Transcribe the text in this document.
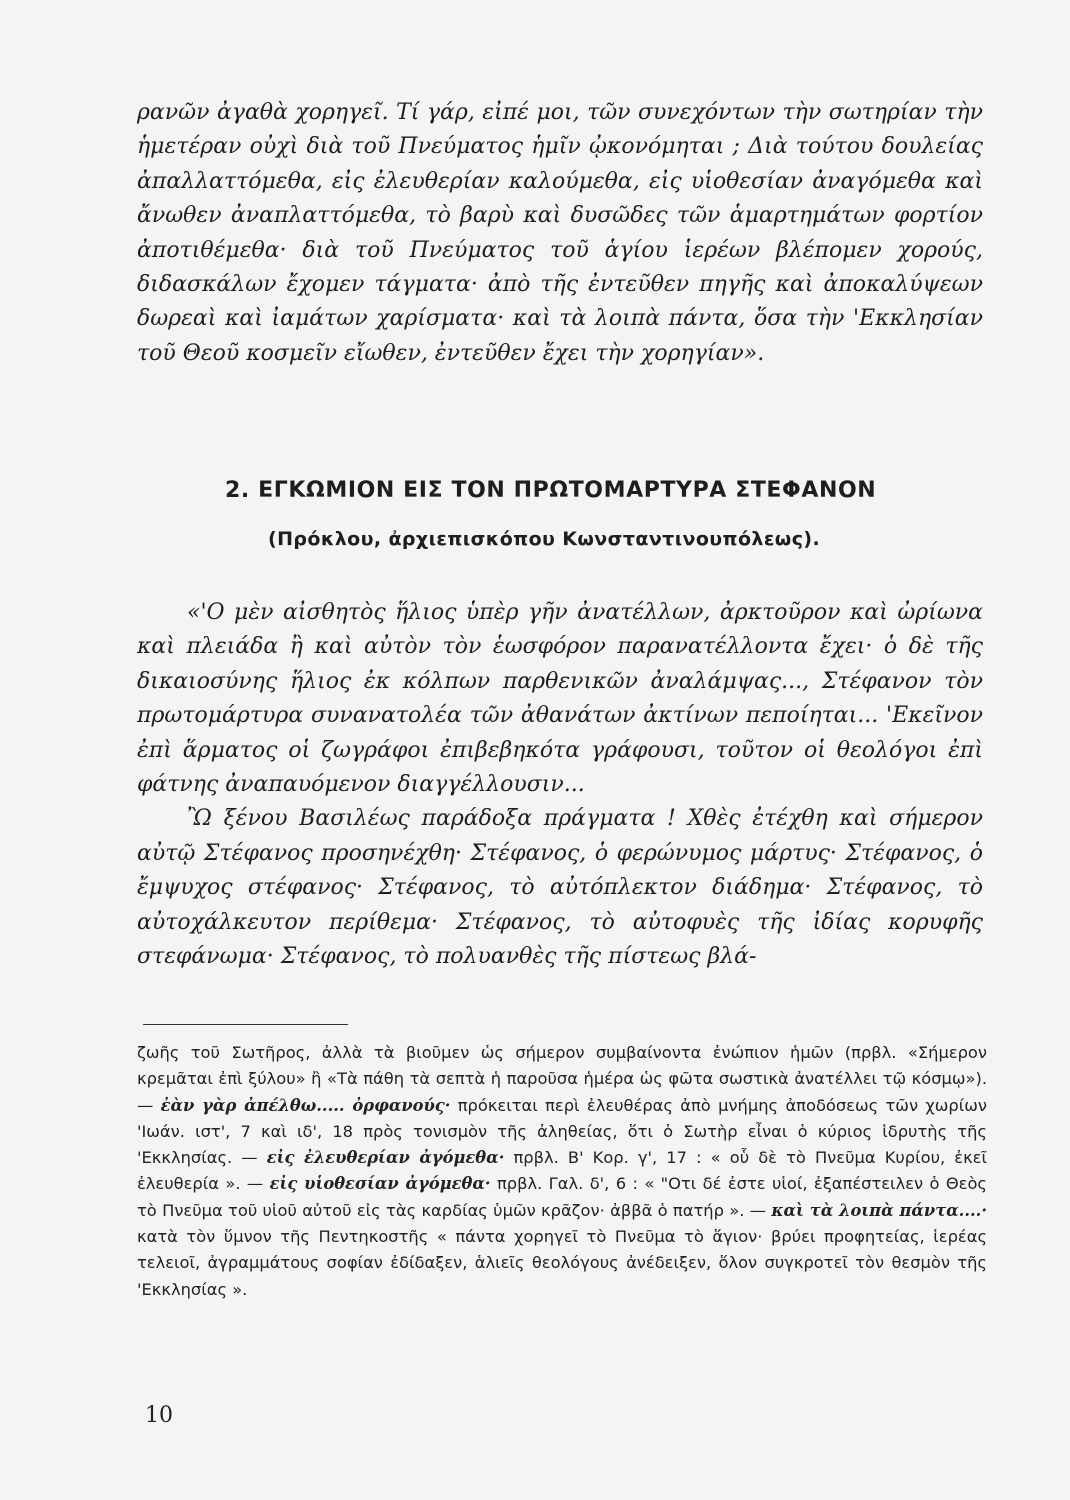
ρανῶν ἀγαθὰ χορηγεῖ. Τί γάρ, εἰπέ μοι, τῶν συνεχόντων τὴν σωτηρίαν τὴν ἡμετέραν οὐχὶ διὰ τοῦ Πνεύματος ἡμῖν ᾠκονόμηται ; Διὰ τούτου δουλείας ἀπαλλαττόμεθα, εἰς ἐλευθερίαν καλούμεθα, εἰς υἱοθεσίαν ἀναγόμεθα καὶ ἄνωθεν ἀναπλαττόμεθα, τὸ βαρὺ καὶ δυσῶδες τῶν ἁμαρτημάτων φορτίον ἀποτιθέμεθα· διὰ τοῦ Πνεύματος τοῦ ἁγίου ἱερέων βλέπομεν χορούς, διδασκάλων ἔχομεν τάγματα· ἀπὸ τῆς ἐντεῦθεν πηγῆς καὶ ἀποκαλύψεων δωρεαὶ καὶ ἰαμάτων χαρίσματα· καὶ τὰ λοιπὰ πάντα, ὅσα τὴν 'Εκκλησίαν τοῦ Θεοῦ κοσμεῖν εἴωθεν, ἐντεῦθεν ἔχει τὴν χορηγίαν».

2. ΕΓΚΩΜΙΟΝ ΕΙΣ ΤΟΝ ΠΡΩΤΟΜΑΡΤΥΡΑ ΣΤΕΦΑΝΟΝ
(Πρόκλου, ἀρχιεπισκόπου Κωνσταντινουπόλεως).

«'Ο μὲν αἰσθητὸς ἥλιος ὑπὲρ γῆν ἀνατέλλων, ἀρκτοῦρον καὶ ὠρίωνα καὶ πλειάδα ἢ καὶ αὐτὸν τὸν ἑωσφόρον παρανατέλλοντα ἔχει· ὁ δὲ τῆς δικαιοσύνης ἥλιος ἐκ κόλπων παρθενικῶν ἀναλάμψας..., Στέφανον τὸν πρωτομάρτυρα συνανατολέα τῶν ἀθανάτων ἀκτίνων πεποίηται... 'Εκεῖνον ἐπὶ ἅρματος οἱ ζωγράφοι ἐπιβεβηκότα γράφουσι, τοῦτον οἱ θεολόγοι ἐπὶ φάτνης ἀναπαυόμενον διαγγέλλουσιν...

Ὢ ξένου Βασιλέως παράδοξα πράγματα ! Χθὲς ἐτέχθη καὶ σήμερον αὐτῷ Στέφανος προσηνέχθη· Στέφανος, ὁ φερώνυμος μάρτυς· Στέφανος, ὁ ἔμψυχος στέφανος· Στέφανος, τὸ αὐτόπλεκτον διάδημα· Στέφανος, τὸ αὐτοχάλκευτον περίθεμα· Στέφανος, τὸ αὐτοφυὲς τῆς ἰδίας κορυφῆς στεφάνωμα· Στέφανος, τὸ πολυανθὲς τῆς πίστεως βλά-

ζωῆς τοῦ Σωτῆρος, ἀλλὰ τὰ βιοῦμεν ὡς σήμερον συμβαίνοντα ἐνώπιον ἡμῶν (πρβλ. «Σήμερον κρεμᾶται ἐπὶ ξύλου» ἢ «Τὰ πάθη τὰ σεπτὰ ἡ παροῦσα ἡμέρα ὡς φῶτα σωστικὰ ἀνατέλλει τῷ κόσμῳ»). — ἐὰν γὰρ ἀπέλθω..... ὀρφανούς· πρόκειται περὶ ἐλευθέρας ἀπὸ μνήμης ἀποδόσεως τῶν χωρίων 'Ιωάν. ιστ', 7 καὶ ιδ', 18 πρὸς τονισμὸν τῆς ἀληθείας, ὅτι ὁ Σωτὴρ εἶναι ὁ κύριος ἱδρυτὴς τῆς 'Εκκλησίας. — εἰς ἐλευθερίαν ἀγόμεθα· πρβλ. Β' Κορ. γ', 17 : « οὗ δὲ τὸ Πνεῦμα Κυρίου, ἐκεῖ ἐλευθερία ». — εἰς υἱοθεσίαν ἀγόμεθα· πρβλ. Γαλ. δ', 6 : « "Οτι δέ ἐστε υἱοί, ἐξαπέστειλεν ὁ Θεὸς τὸ Πνεῦμα τοῦ υἱοῦ αὐτοῦ εἰς τὰς καρδίας ὑμῶν κρᾶζον· ἀββᾶ ὁ πατήρ ». — καὶ τὰ λοιπὰ πάντα....· κατὰ τὸν ὕμνον τῆς Πεντηκοστῆς « πάντα χορηγεῖ τὸ Πνεῦμα τὸ ἅγιον· βρύει προφητείας, ἱερέας τελειοῖ, ἀγραμμάτους σοφίαν ἐδίδαξεν, ἁλιεῖς θεολόγους ἀνέδειξεν, ὅλον συγκροτεῖ τὸν θεσμὸν τῆς 'Εκκλησίας ».
10
